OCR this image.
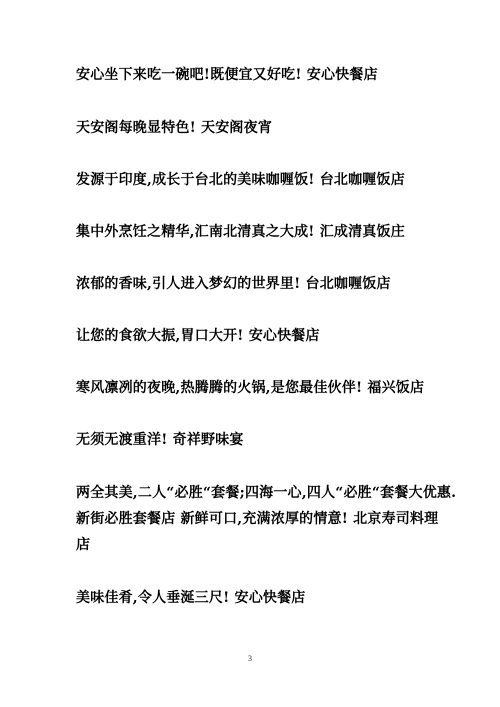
安心坐下来吃一碗吧!既便宜又好吃! 安心快餐店
天安阁每晚显特色! 天安阁夜宵
发源于印度,成长于台北的美味咖喱饭! 台北咖喱饭店
集中外烹饪之精华,汇南北清真之大成! 汇成清真饭庄
浓郁的香味,引人进入梦幻的世界里! 台北咖喱饭店
让您的食欲大振,胃口大开! 安心快餐店
寒风凛冽的夜晚,热腾腾的火锅,是您最佳伙伴! 福兴饭店
无须无渡重洋! 奇祥野味宴
两全其美,二人“必胜“套餐;四海一心,四人“必胜“套餐大优惠.
新街必胜套餐店 新鲜可口,充满浓厚的情意! 北京寿司料理
店
美味佳肴,令人垂涎三尺! 安心快餐店
3
